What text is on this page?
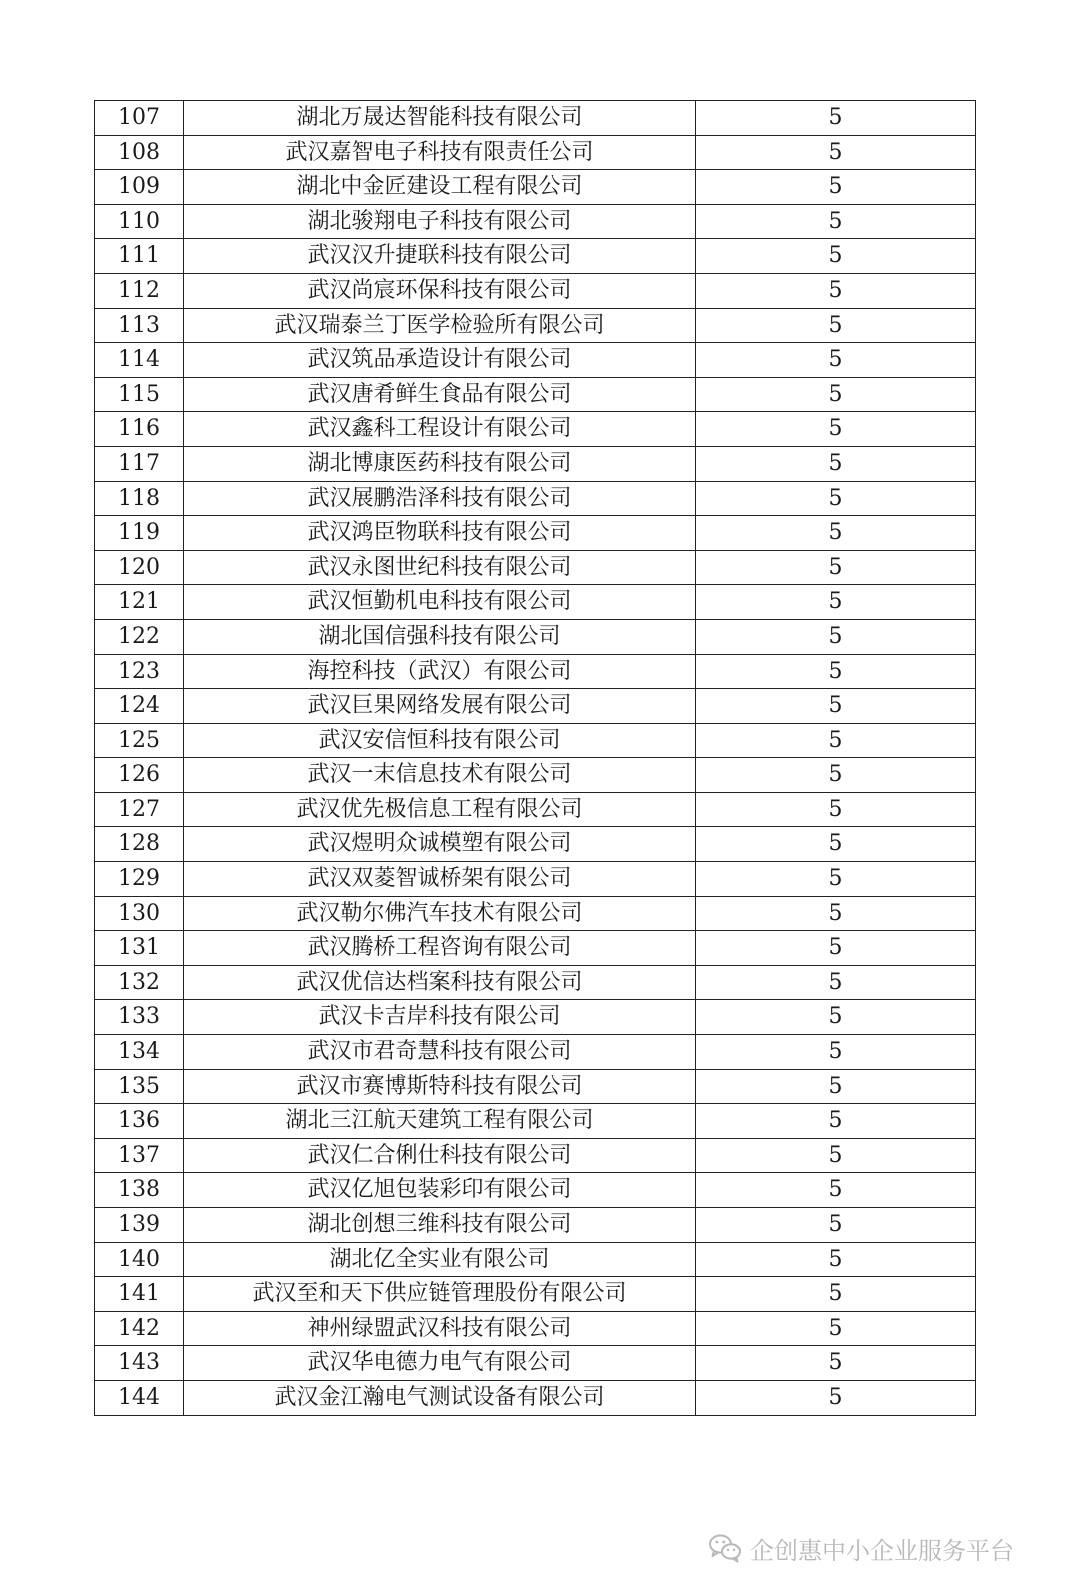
107	湖北万晟达智能科技有限公司	5
108	武汉嘉智电子科技有限责任公司	5
109	湖北中金匠建设工程有限公司	5
110	湖北骏翔电子科技有限公司	5
111	武汉汉升捷联科技有限公司	5
112	武汉尚宸环保科技有限公司	5
113	武汉瑞泰兰丁医学检验所有限公司	5
114	武汉筑品承造设计有限公司	5
115	武汉唐肴鲜生食品有限公司	5
116	武汉鑫科工程设计有限公司	5
117	湖北博康医药科技有限公司	5
118	武汉展鹏浩泽科技有限公司	5
119	武汉鸿臣物联科技有限公司	5
120	武汉永图世纪科技有限公司	5
121	武汉恒勤机电科技有限公司	5
122	湖北国信强科技有限公司	5
123	海控科技（武汉）有限公司	5
124	武汉巨果网络发展有限公司	5
125	武汉安信恒科技有限公司	5
126	武汉一末信息技术有限公司	5
127	武汉优先极信息工程有限公司	5
128	武汉煜明众诚模塑有限公司	5
129	武汉双菱智诚桥架有限公司	5
130	武汉勒尔佛汽车技术有限公司	5
131	武汉腾桥工程咨询有限公司	5
132	武汉优信达档案科技有限公司	5
133	武汉卡吉岸科技有限公司	5
134	武汉市君奇慧科技有限公司	5
135	武汉市赛博斯特科技有限公司	5
136	湖北三江航天建筑工程有限公司	5
137	武汉仁合俐仕科技有限公司	5
138	武汉亿旭包装彩印有限公司	5
139	湖北创想三维科技有限公司	5
140	湖北亿全实业有限公司	5
141	武汉至和天下供应链管理股份有限公司	5
142	神州绿盟武汉科技有限公司	5
143	武汉华电德力电气有限公司	5
144	武汉金江瀚电气测试设备有限公司	5
企创惠中小企业服务平台
